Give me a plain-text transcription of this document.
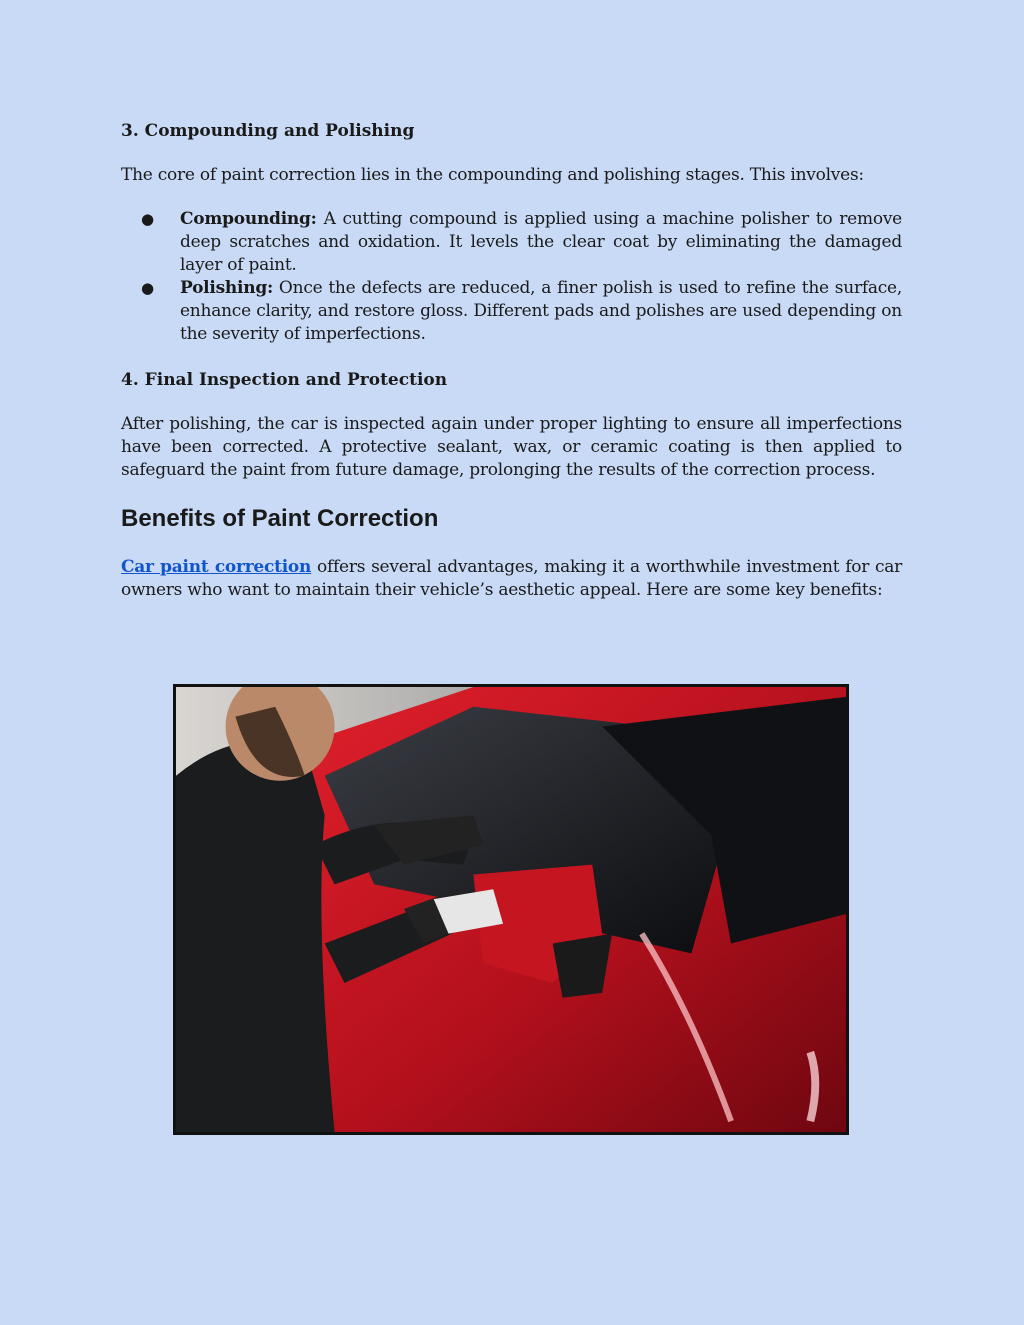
3. Compounding and Polishing

The core of paint correction lies in the compounding and polishing stages. This involves:

● Compounding: A cutting compound is applied using a machine polisher to remove deep scratches and oxidation. It levels the clear coat by eliminating the damaged layer of paint.
● Polishing: Once the defects are reduced, a finer polish is used to refine the surface, enhance clarity, and restore gloss. Different pads and polishes are used depending on the severity of imperfections.
4. Final Inspection and Protection

After polishing, the car is inspected again under proper lighting to ensure all imperfections have been corrected. A protective sealant, wax, or ceramic coating is then applied to safeguard the paint from future damage, prolonging the results of the correction process.

Benefits of Paint Correction

Car paint correction offers several advantages, making it a worthwhile investment for car owners who want to maintain their vehicle’s aesthetic appeal. Here are some key benefits:
